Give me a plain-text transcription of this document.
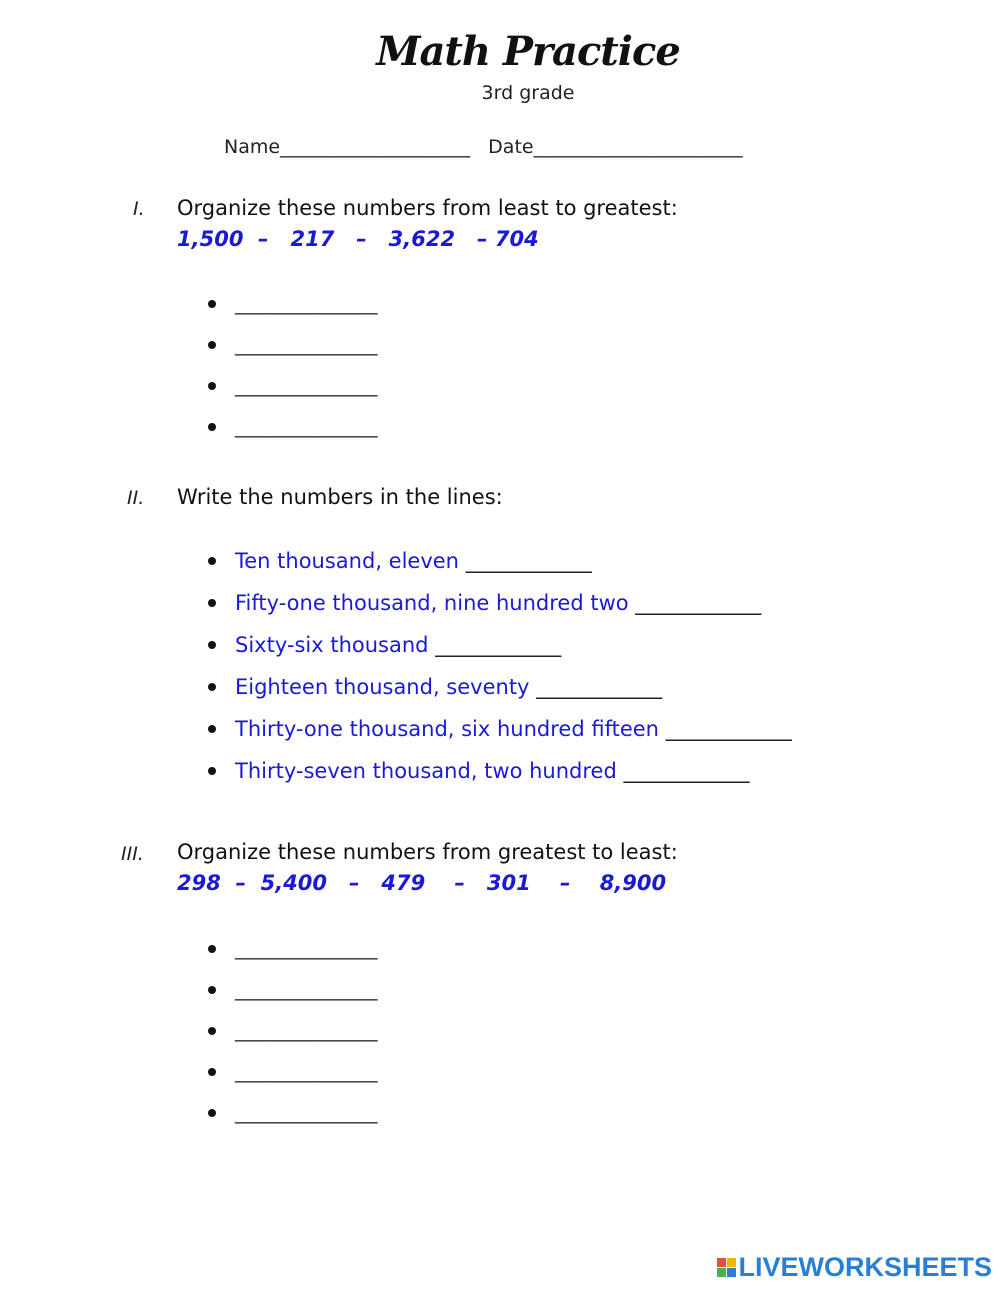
Math Practice
3rd grade
Name____________________   Date______________________
I. Organize these numbers from least to greatest:
1,500  –   217   –   3,622   – 704
_______________
_______________
_______________
_______________
II. Write the numbers in the lines:
Ten thousand, eleven ____________
Fifty-one thousand, nine hundred two ____________
Sixty-six thousand ____________
Eighteen thousand, seventy ____________
Thirty-one thousand, six hundred fifteen ____________
Thirty-seven thousand, two hundred ____________
III. Organize these numbers from greatest to least:
298  –  5,400   –   479    –   301    –    8,900
_______________
_______________
_______________
_______________
_______________
LIVEWORKSHEETS
